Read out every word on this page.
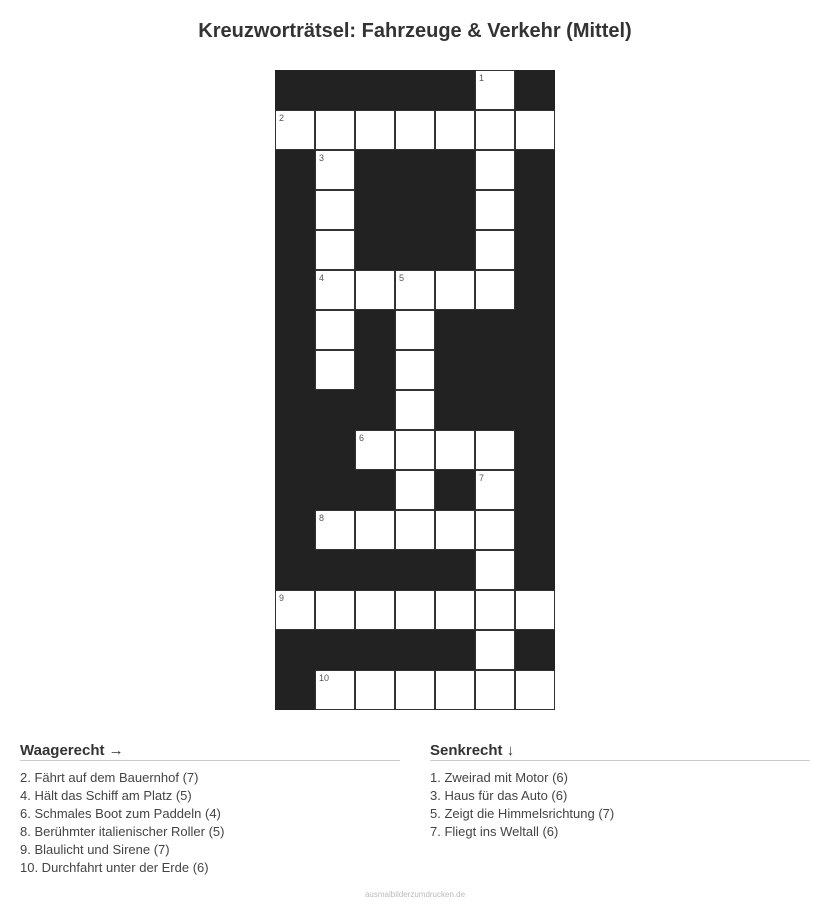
Kreuzworträtsel: Fahrzeuge & Verkehr (Mittel)
1
2
3
4	5
6
7
8
9
10
Waagerecht →
2. Fährt auf dem Bauernhof (7)
4. Hält das Schiff am Platz (5)
6. Schmales Boot zum Paddeln (4)
8. Berühmter italienischer Roller (5)
9. Blaulicht und Sirene (7)
10. Durchfahrt unter der Erde (6)
Senkrecht ↓
1. Zweirad mit Motor (6)
3. Haus für das Auto (6)
5. Zeigt die Himmelsrichtung (7)
7. Fliegt ins Weltall (6)
ausmalbilderzumdrucken.de
